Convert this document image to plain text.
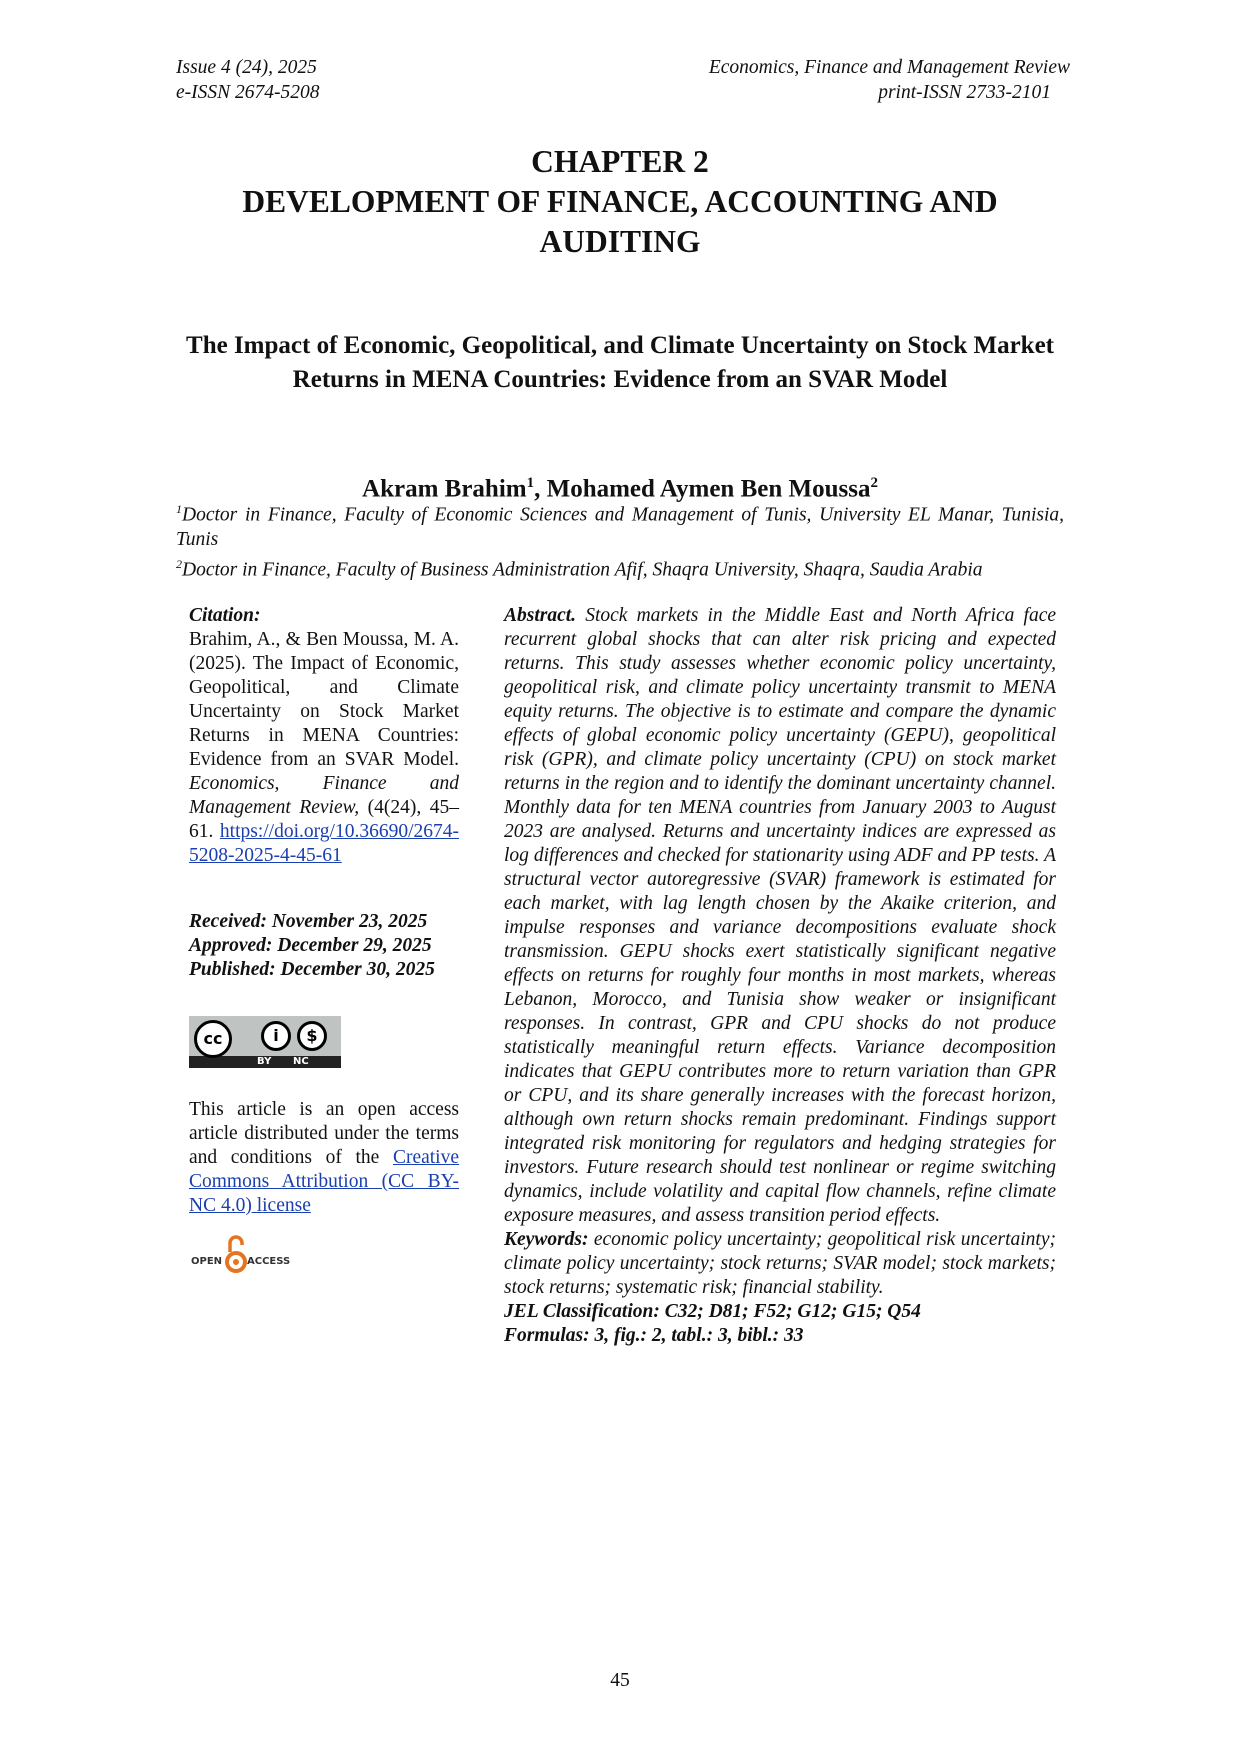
Issue 4 (24), 2025
e-ISSN 2674-5208
Economics, Finance and Management Review
print-ISSN 2733-2101
CHAPTER 2
DEVELOPMENT OF FINANCE, ACCOUNTING AND AUDITING
The Impact of Economic, Geopolitical, and Climate Uncertainty on Stock Market Returns in MENA Countries: Evidence from an SVAR Model
Akram Brahim$^1$, Mohamed Aymen Ben Moussa$^2$
$^1$Doctor in Finance, Faculty of Economic Sciences and Management of Tunis, University EL Manar, Tunisia, Tunis
$^2$Doctor in Finance, Faculty of Business Administration Afif, Shaqra University, Shaqra, Saudia Arabia
Citation:
Brahim, A., & Ben Moussa, M. A. (2025). The Impact of Economic, Geopolitical, and Climate Uncertainty on Stock Market Returns in MENA Countries: Evidence from an SVAR Model. Economics, Finance and Management Review, (4(24), 45–61. https://doi.org/10.36690/2674-5208-2025-4-45-61
Received: November 23, 2025
Approved: December 29, 2025
Published: December 30, 2025
cc	i	$
BY NC
This article is an open access article distributed under the terms and conditions of the Creative Commons Attribution (CC BY-NC 4.0) license
OPEN ACCESS
Abstract. Stock markets in the Middle East and North Africa face recurrent global shocks that can alter risk pricing and expected returns. This study assesses whether economic policy uncertainty, geopolitical risk, and climate policy uncertainty transmit to MENA equity returns. The objective is to estimate and compare the dynamic effects of global economic policy uncertainty (GEPU), geopolitical risk (GPR), and climate policy uncertainty (CPU) on stock market returns in the region and to identify the dominant uncertainty channel. Monthly data for ten MENA countries from January 2003 to August 2023 are analysed. Returns and uncertainty indices are expressed as log differences and checked for stationarity using ADF and PP tests. A structural vector autoregressive (SVAR) framework is estimated for each market, with lag length chosen by the Akaike criterion, and impulse responses and variance decompositions evaluate shock transmission. GEPU shocks exert statistically significant negative effects on returns for roughly four months in most markets, whereas Lebanon, Morocco, and Tunisia show weaker or insignificant responses. In contrast, GPR and CPU shocks do not produce statistically meaningful return effects. Variance decomposition indicates that GEPU contributes more to return variation than GPR or CPU, and its share generally increases with the forecast horizon, although own return shocks remain predominant. Findings support integrated risk monitoring for regulators and hedging strategies for investors. Future research should test nonlinear or regime switching dynamics, include volatility and capital flow channels, refine climate exposure measures, and assess transition period effects.
Keywords: economic policy uncertainty; geopolitical risk uncertainty; climate policy uncertainty; stock returns; SVAR model; stock markets; stock returns; systematic risk; financial stability.
JEL Classification: C32; D81; F52; G12; G15; Q54
Formulas: 3, fig.: 2, tabl.: 3, bibl.: 33
45
